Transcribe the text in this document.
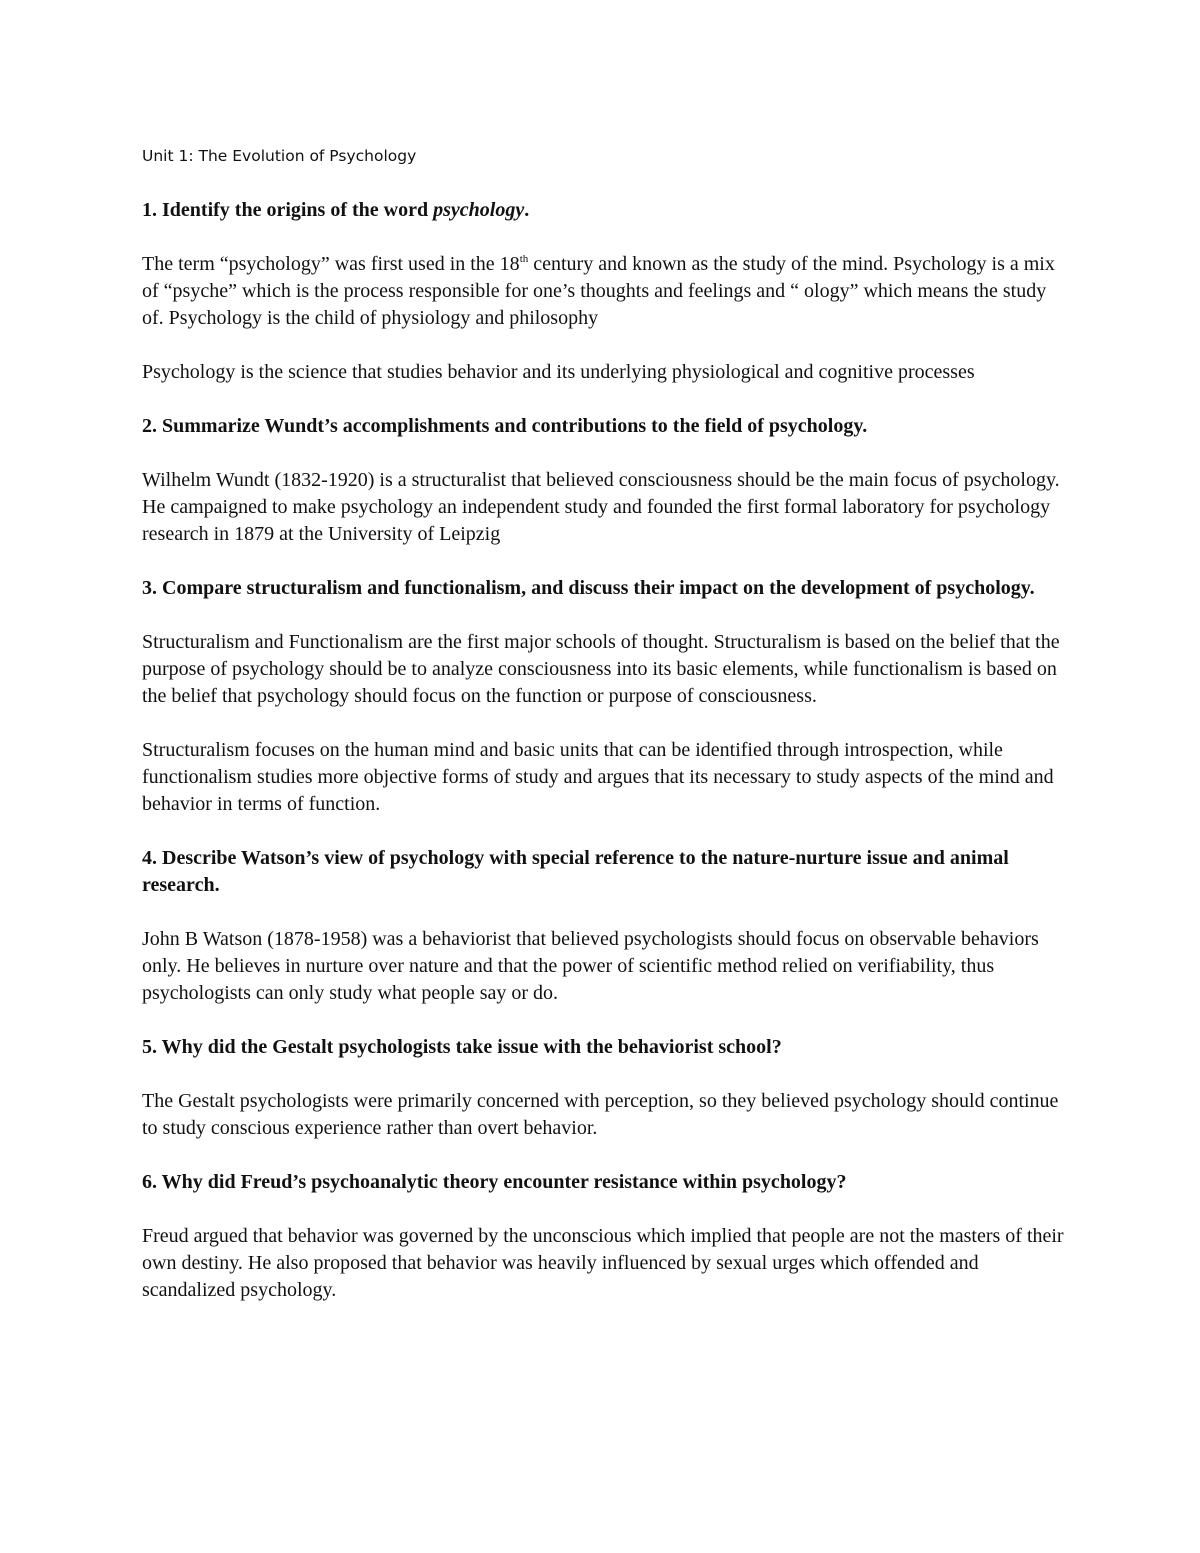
Unit 1: The Evolution of Psychology
1. Identify the origins of the word psychology.
The term “psychology” was first used in the 18th century and known as the study of the mind. Psychology is a mix of “psyche” which is the process responsible for one’s thoughts and feelings and “ ology” which means the study of. Psychology is the child of physiology and philosophy
Psychology is the science that studies behavior and its underlying physiological and cognitive processes
2. Summarize Wundt’s accomplishments and contributions to the field of psychology.
Wilhelm Wundt (1832-1920) is a structuralist that believed consciousness should be the main focus of psychology. He campaigned to make psychology an independent study and founded the first formal laboratory for psychology research in 1879 at the University of Leipzig
3. Compare structuralism and functionalism, and discuss their impact on the development of psychology.
Structuralism and Functionalism are the first major schools of thought. Structuralism is based on the belief that the purpose of psychology should be to analyze consciousness into its basic elements, while functionalism is based on the belief that psychology should focus on the function or purpose of consciousness.
Structuralism focuses on the human mind and basic units that can be identified through introspection, while functionalism studies more objective forms of study and argues that its necessary to study aspects of the mind and behavior in terms of function.
4. Describe Watson’s view of psychology with special reference to the nature-nurture issue and animal research.
John B Watson (1878-1958) was a behaviorist that believed psychologists should focus on observable behaviors only. He believes in nurture over nature and that the power of scientific method relied on verifiability, thus psychologists can only study what people say or do.
5. Why did the Gestalt psychologists take issue with the behaviorist school?
The Gestalt psychologists were primarily concerned with perception, so they believed psychology should continue to study conscious experience rather than overt behavior.
6. Why did Freud’s psychoanalytic theory encounter resistance within psychology?
Freud argued that behavior was governed by the unconscious which implied that people are not the masters of their own destiny. He also proposed that behavior was heavily influenced by sexual urges which offended and scandalized psychology.
